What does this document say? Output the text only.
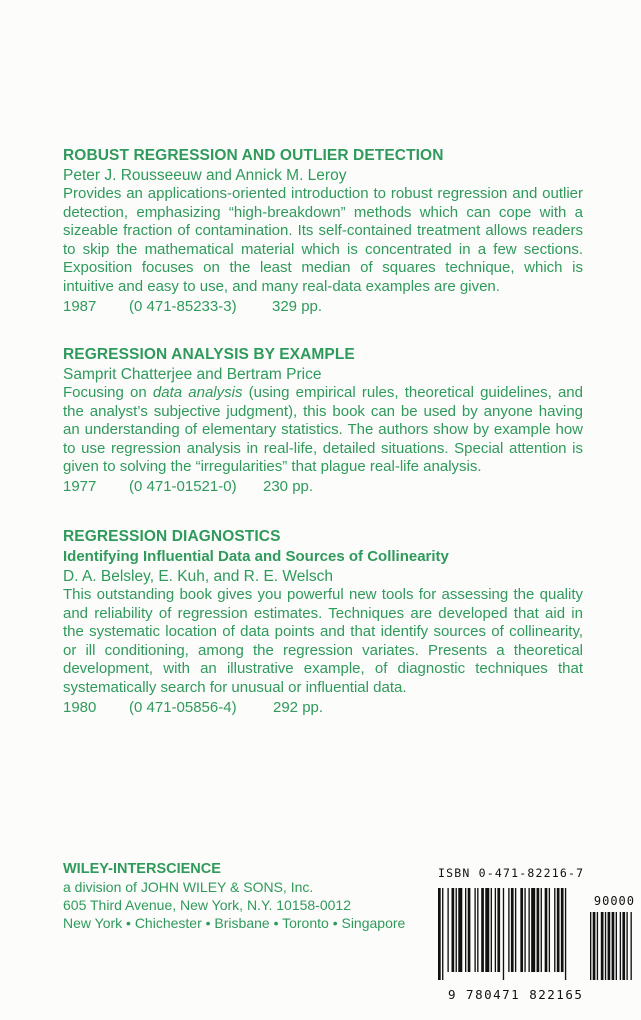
ROBUST REGRESSION AND OUTLIER DETECTION
Peter J. Rousseeuw and Annick M. Leroy
Provides an applications-oriented introduction to robust regression and outlier detection, emphasizing “high-breakdown” methods which can cope with a sizeable fraction of contamination. Its self-contained treatment allows readers to skip the mathematical material which is concentrated in a few sections. Exposition focuses on the least median of squares technique, which is intuitive and easy to use, and many real-data examples are given.
1987 (0 471-85233-3) 329 pp.
REGRESSION ANALYSIS BY EXAMPLE
Samprit Chatterjee and Bertram Price
Focusing on data analysis (using empirical rules, theoretical guidelines, and the analyst’s subjective judgment), this book can be used by anyone having an understanding of elementary statistics. The authors show by example how to use regression analysis in real-life, detailed situations. Special attention is given to solving the “irregularities” that plague real-life analysis.
1977 (0 471-01521-0) 230 pp.
REGRESSION DIAGNOSTICS
Identifying Influential Data and Sources of Collinearity
D. A. Belsley, E. Kuh, and R. E. Welsch
This outstanding book gives you powerful new tools for assessing the quality and reliability of regression estimates. Techniques are developed that aid in the systematic location of data points and that identify sources of collinearity, or ill conditioning, among the regression variates. Presents a theoretical development, with an illustrative example, of diagnostic techniques that systematically search for unusual or influential data.
1980 (0 471-05856-4) 292 pp.
WILEY-INTERSCIENCE
a division of JOHN WILEY & SONS, Inc.
605 Third Avenue, New York, N.Y. 10158-0012
New York • Chichester • Brisbane • Toronto • Singapore
ISBN 0-471-82216-7
90000
9 780471 822165
